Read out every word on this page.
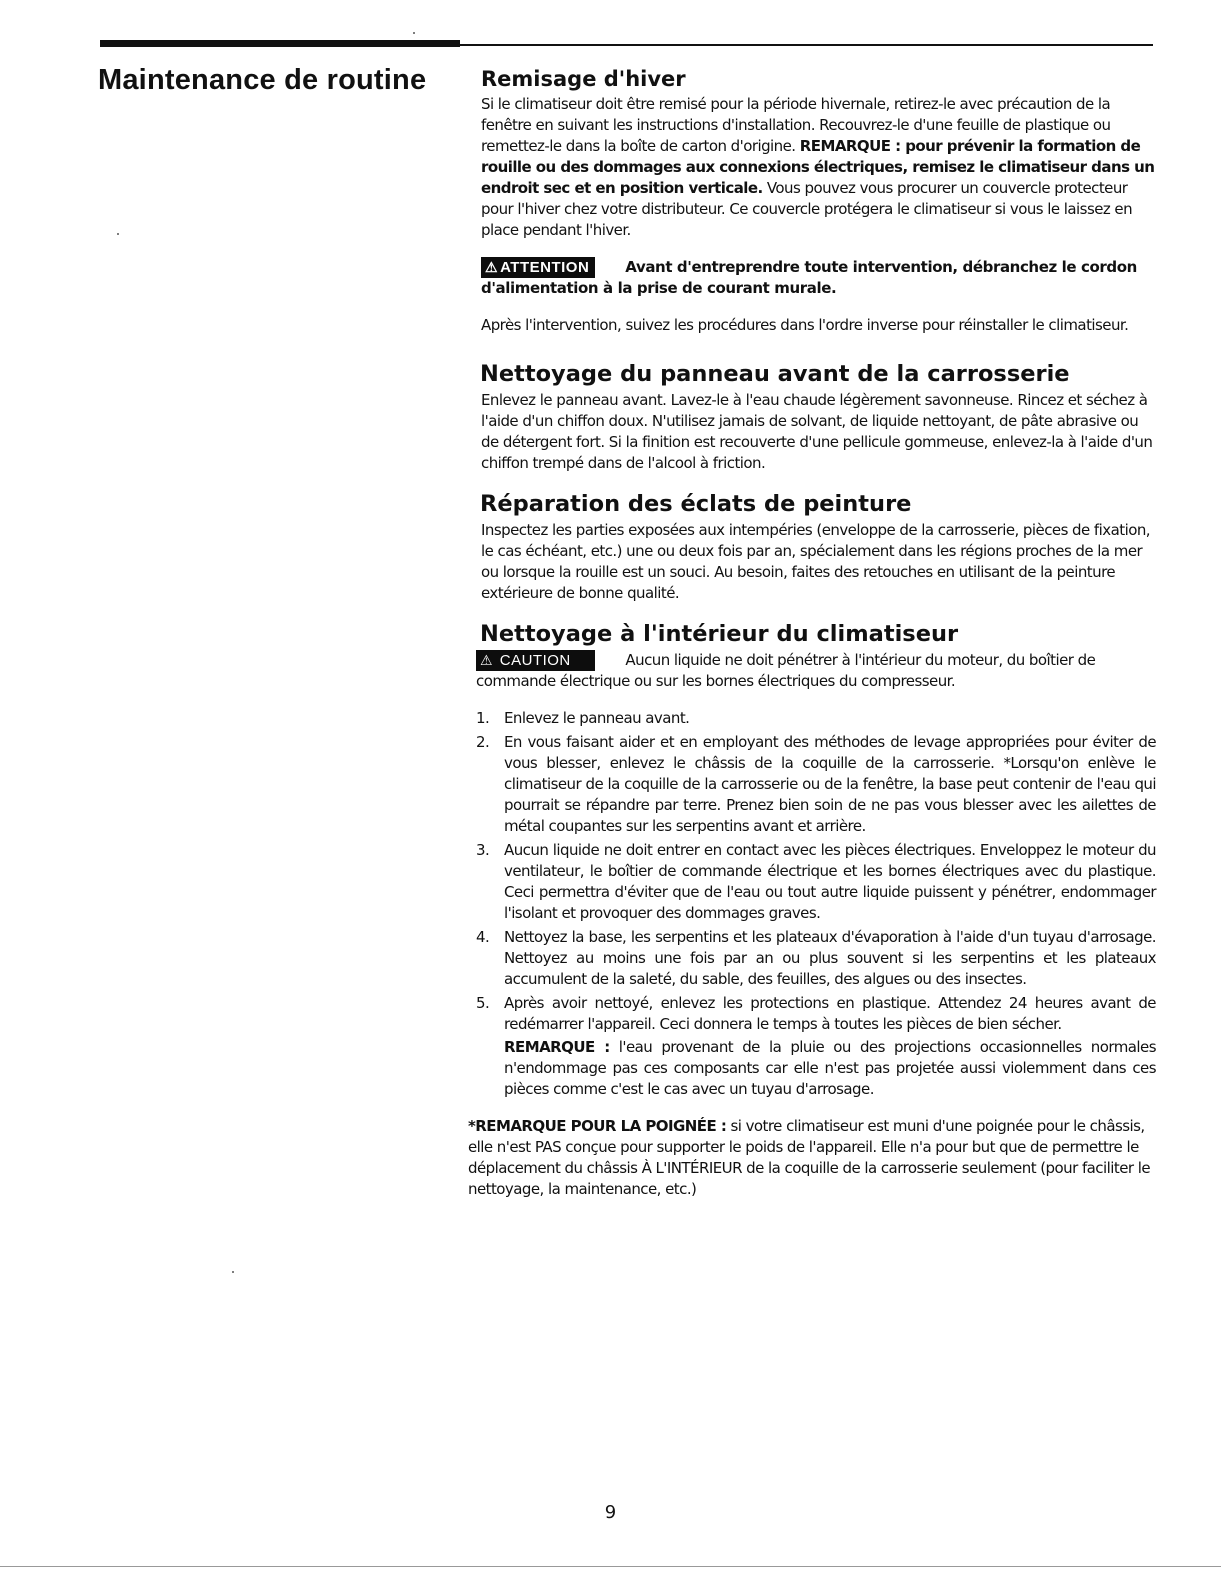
Maintenance de routine	Remisage d'hiver

Si le climatiseur doit être remisé pour la période hivernale, retirez-le avec précaution de la fenêtre en suivant les instructions d'installation. Recouvrez-le d'une feuille de plastique ou remettez-le dans la boîte de carton d'origine. REMARQUE : pour prévenir la formation de rouille ou des dommages aux connexions électriques, remisez le climatiseur dans un endroit sec et en position verticale. Vous pouvez vous procurer un couvercle protecteur pour l'hiver chez votre distributeur. Ce couvercle protégera le climatiseur si vous le laissez en place pendant l'hiver.

⚠ ATTENTION Avant d'entreprendre toute intervention, débranchez le cordon d'alimentation à la prise de courant murale.

Après l'intervention, suivez les procédures dans l'ordre inverse pour réinstaller le climatiseur.

Nettoyage du panneau avant de la carrosserie

Enlevez le panneau avant. Lavez-le à l'eau chaude légèrement savonneuse. Rincez et séchez à l'aide d'un chiffon doux. N'utilisez jamais de solvant, de liquide nettoyant, de pâte abrasive ou de détergent fort. Si la finition est recouverte d'une pellicule gommeuse, enlevez-la à l'aide d'un chiffon trempé dans de l'alcool à friction.

Réparation des éclats de peinture

Inspectez les parties exposées aux intempéries (enveloppe de la carrosserie, pièces de fixation, le cas échéant, etc.) une ou deux fois par an, spécialement dans les régions proches de la mer ou lorsque la rouille est un souci. Au besoin, faites des retouches en utilisant de la peinture extérieure de bonne qualité.

Nettoyage à l'intérieur du climatiseur

⚠ CAUTION	Aucun liquide ne doit pénétrer à l'intérieur du moteur, du boîtier de commande électrique ou sur les bornes électriques du compresseur.

1. Enlevez le panneau avant.
2. En vous faisant aider et en employant des méthodes de levage appropriées pour éviter de vous blesser, enlevez le châssis de la coquille de la carrosserie. *Lorsqu'on enlève le climatiseur de la coquille de la carrosserie ou de la fenêtre, la base peut contenir de l'eau qui pourrait se répandre par terre. Prenez bien soin de ne pas vous blesser avec les ailettes de métal coupantes sur les serpentins avant et arrière.
3. Aucun liquide ne doit entrer en contact avec les pièces électriques. Enveloppez le moteur du ventilateur, le boîtier de commande électrique et les bornes électriques avec du plastique. Ceci permettra d'éviter que de l'eau ou tout autre liquide puissent y pénétrer, endommager l'isolant et provoquer des dommages graves.
4. Nettoyez la base, les serpentins et les plateaux d'évaporation à l'aide d'un tuyau d'arrosage. Nettoyez au moins une fois par an ou plus souvent si les serpentins et les plateaux accumulent de la saleté, du sable, des feuilles, des algues ou des insectes.
5. Après avoir nettoyé, enlevez les protections en plastique. Attendez 24 heures avant de redémarrer l'appareil. Ceci donnera le temps à toutes les pièces de bien sécher.
REMARQUE : l'eau provenant de la pluie ou des projections occasionnelles normales n'endommage pas ces composants car elle n'est pas projetée aussi violemment dans ces pièces comme c'est le cas avec un tuyau d'arrosage.

*REMARQUE POUR LA POIGNÉE : si votre climatiseur est muni d'une poignée pour le châssis, elle n'est PAS conçue pour supporter le poids de l'appareil. Elle n'a pour but que de permettre le déplacement du châssis À L'INTÉRIEUR de la coquille de la carrosserie seulement (pour faciliter le nettoyage, la maintenance, etc.)

9
